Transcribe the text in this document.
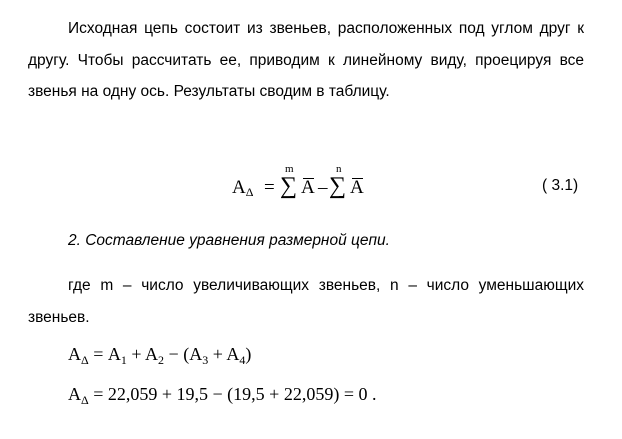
Исходная цепь состоит из звеньев, расположенных под углом друг к другу. Чтобы рассчитать ее, приводим к линейному виду, проецируя все звенья на одну ось. Результаты сводим в таблицу.

$A_\Delta$ =
m
∑ A –
n
∑ A	( 3.1)

2. Составление уравнения размерной цепи.

где m – число увеличивающих звеньев, n – число уменьшающих звеньев.

$A_\Delta = A_1 + A_2 - (A_3 + A_4)$
$A_\Delta = 22,059 + 19,5 - (19,5 + 22,059) = 0$ .
